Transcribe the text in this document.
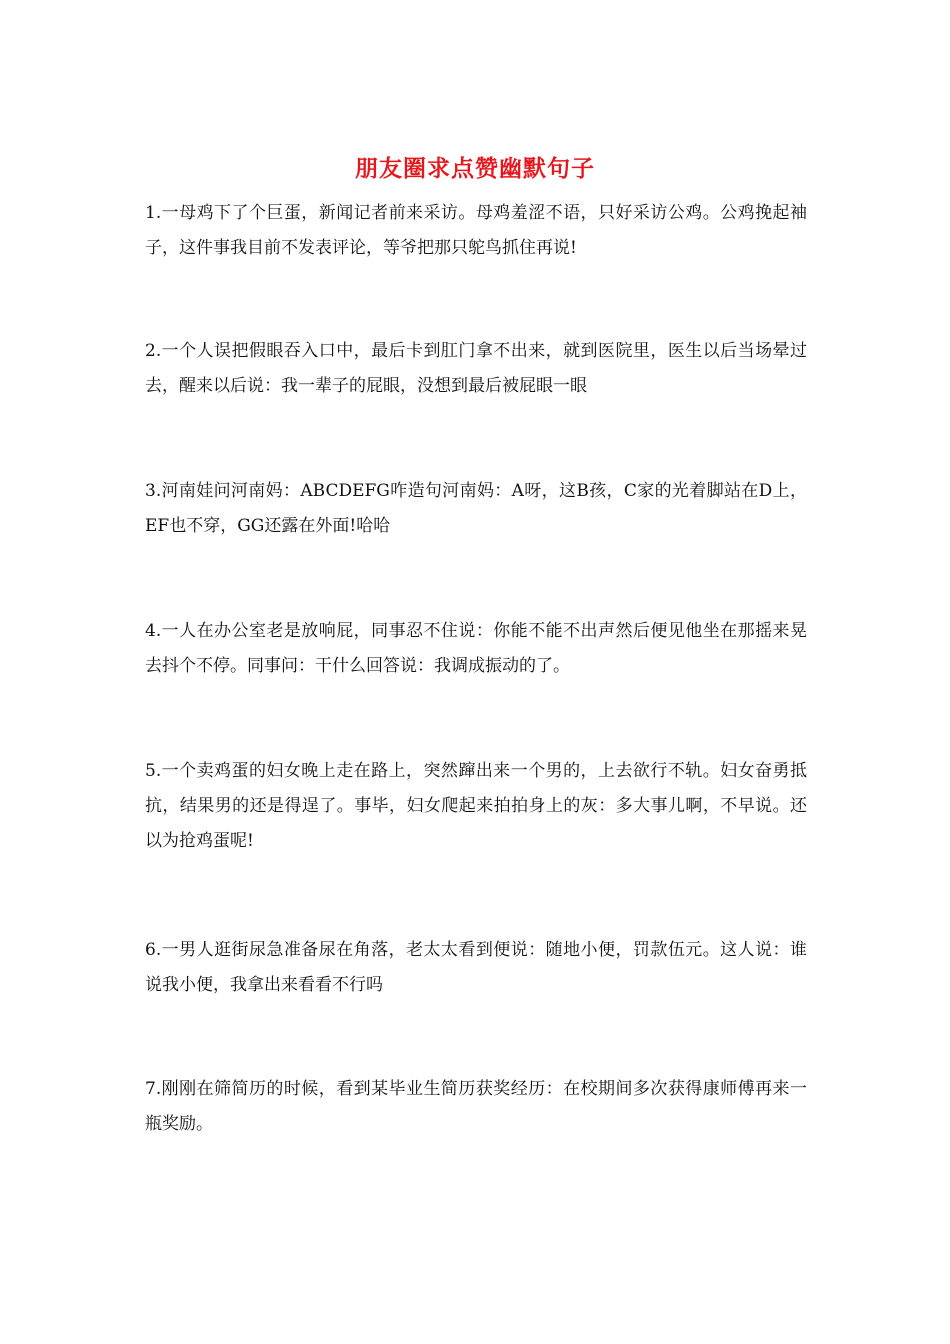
朋友圈求点赞幽默句子

1.一母鸡下了个巨蛋，新闻记者前来采访。母鸡羞涩不语，只好采访公鸡。公鸡挽起袖子，这件事我目前不发表评论，等爷把那只鸵鸟抓住再说!

2.一个人误把假眼吞入口中，最后卡到肛门拿不出来，就到医院里，医生以后当场晕过去，醒来以后说：我一辈子的屁眼，没想到最后被屁眼一眼

3.河南娃问河南妈：ABCDEFG咋造句河南妈：A呀，这B孩，C家的光着脚站在D上，EF也不穿，GG还露在外面!哈哈

4.一人在办公室老是放响屁，同事忍不住说：你能不能不出声然后便见他坐在那摇来晃去抖个不停。同事问：干什么回答说：我调成振动的了。

5.一个卖鸡蛋的妇女晚上走在路上，突然蹿出来一个男的，上去欲行不轨。妇女奋勇抵抗，结果男的还是得逞了。事毕，妇女爬起来拍拍身上的灰：多大事儿啊，不早说。还以为抢鸡蛋呢!

6.一男人逛街尿急准备尿在角落，老太太看到便说：随地小便，罚款伍元。这人说：谁说我小便，我拿出来看看不行吗

7.刚刚在筛简历的时候，看到某毕业生简历获奖经历：在校期间多次获得康师傅再来一瓶奖励。
